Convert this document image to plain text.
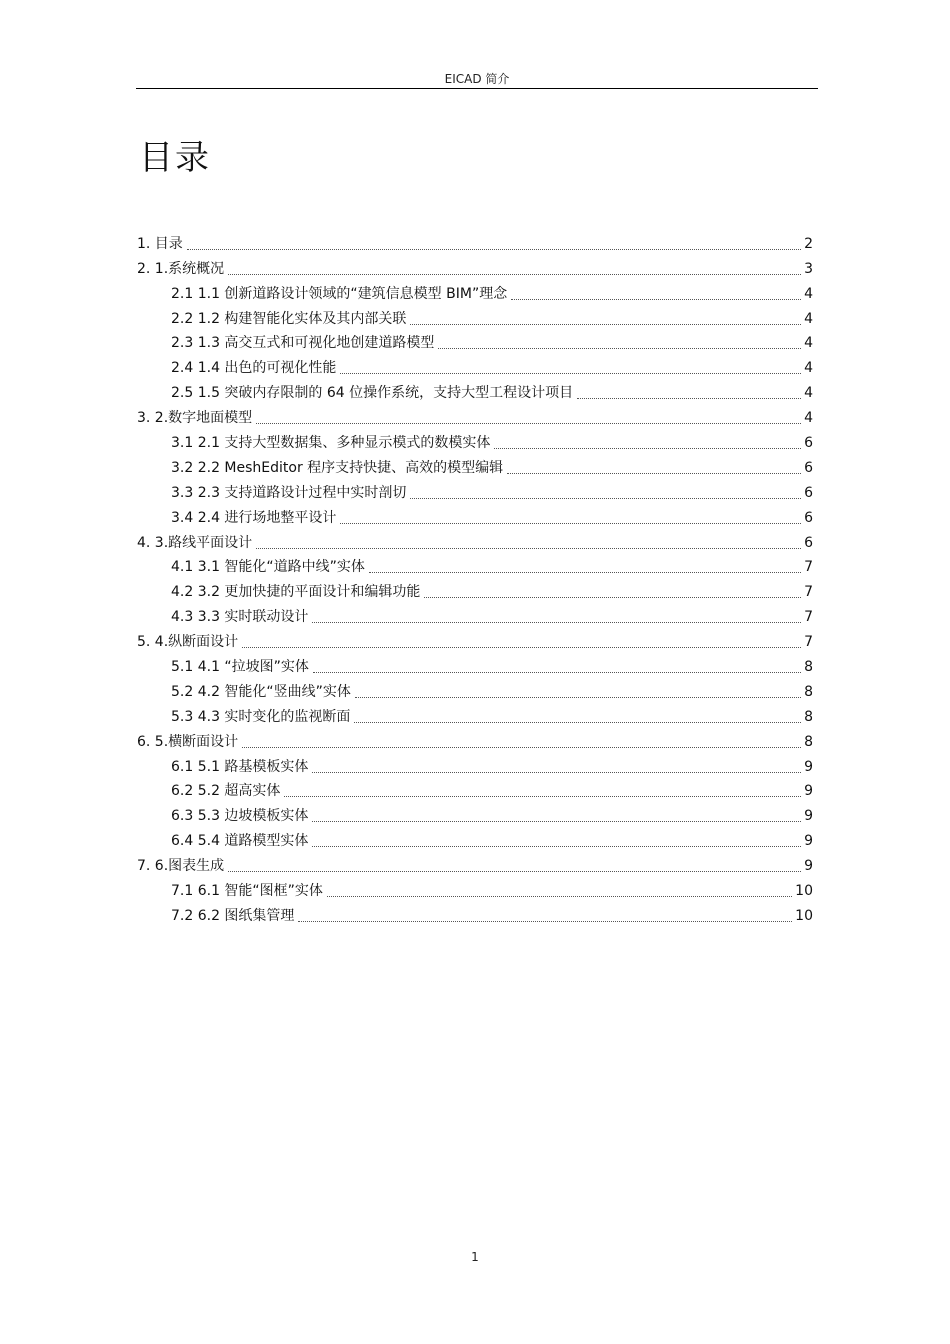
EICAD 简介
目录
1. 目录	2
2. 1.系统概况	3
2.1 1.1 创新道路设计领域的“建筑信息模型 BIM”理念	4
2.2 1.2 构建智能化实体及其内部关联	4
2.3 1.3 高交互式和可视化地创建道路模型	4
2.4 1.4 出色的可视化性能	4
2.5 1.5 突破内存限制的 64 位操作系统，支持大型工程设计项目	4
3. 2.数字地面模型	4
3.1 2.1 支持大型数据集、多种显示模式的数模实体	6
3.2 2.2 MeshEditor 程序支持快捷、高效的模型编辑	6
3.3 2.3 支持道路设计过程中实时剖切	6
3.4 2.4 进行场地整平设计	6
4. 3.路线平面设计	6
4.1 3.1 智能化“道路中线”实体	7
4.2 3.2 更加快捷的平面设计和编辑功能	7
4.3 3.3 实时联动设计	7
5. 4.纵断面设计	7
5.1 4.1 “拉坡图”实体	8
5.2 4.2 智能化“竖曲线”实体	8
5.3 4.3 实时变化的监视断面	8
6. 5.横断面设计	8
6.1 5.1 路基模板实体	9
6.2 5.2 超高实体	9
6.3 5.3 边坡模板实体	9
6.4 5.4 道路模型实体	9
7. 6.图表生成	9
7.1 6.1 智能“图框”实体	10
7.2 6.2 图纸集管理	10
1
